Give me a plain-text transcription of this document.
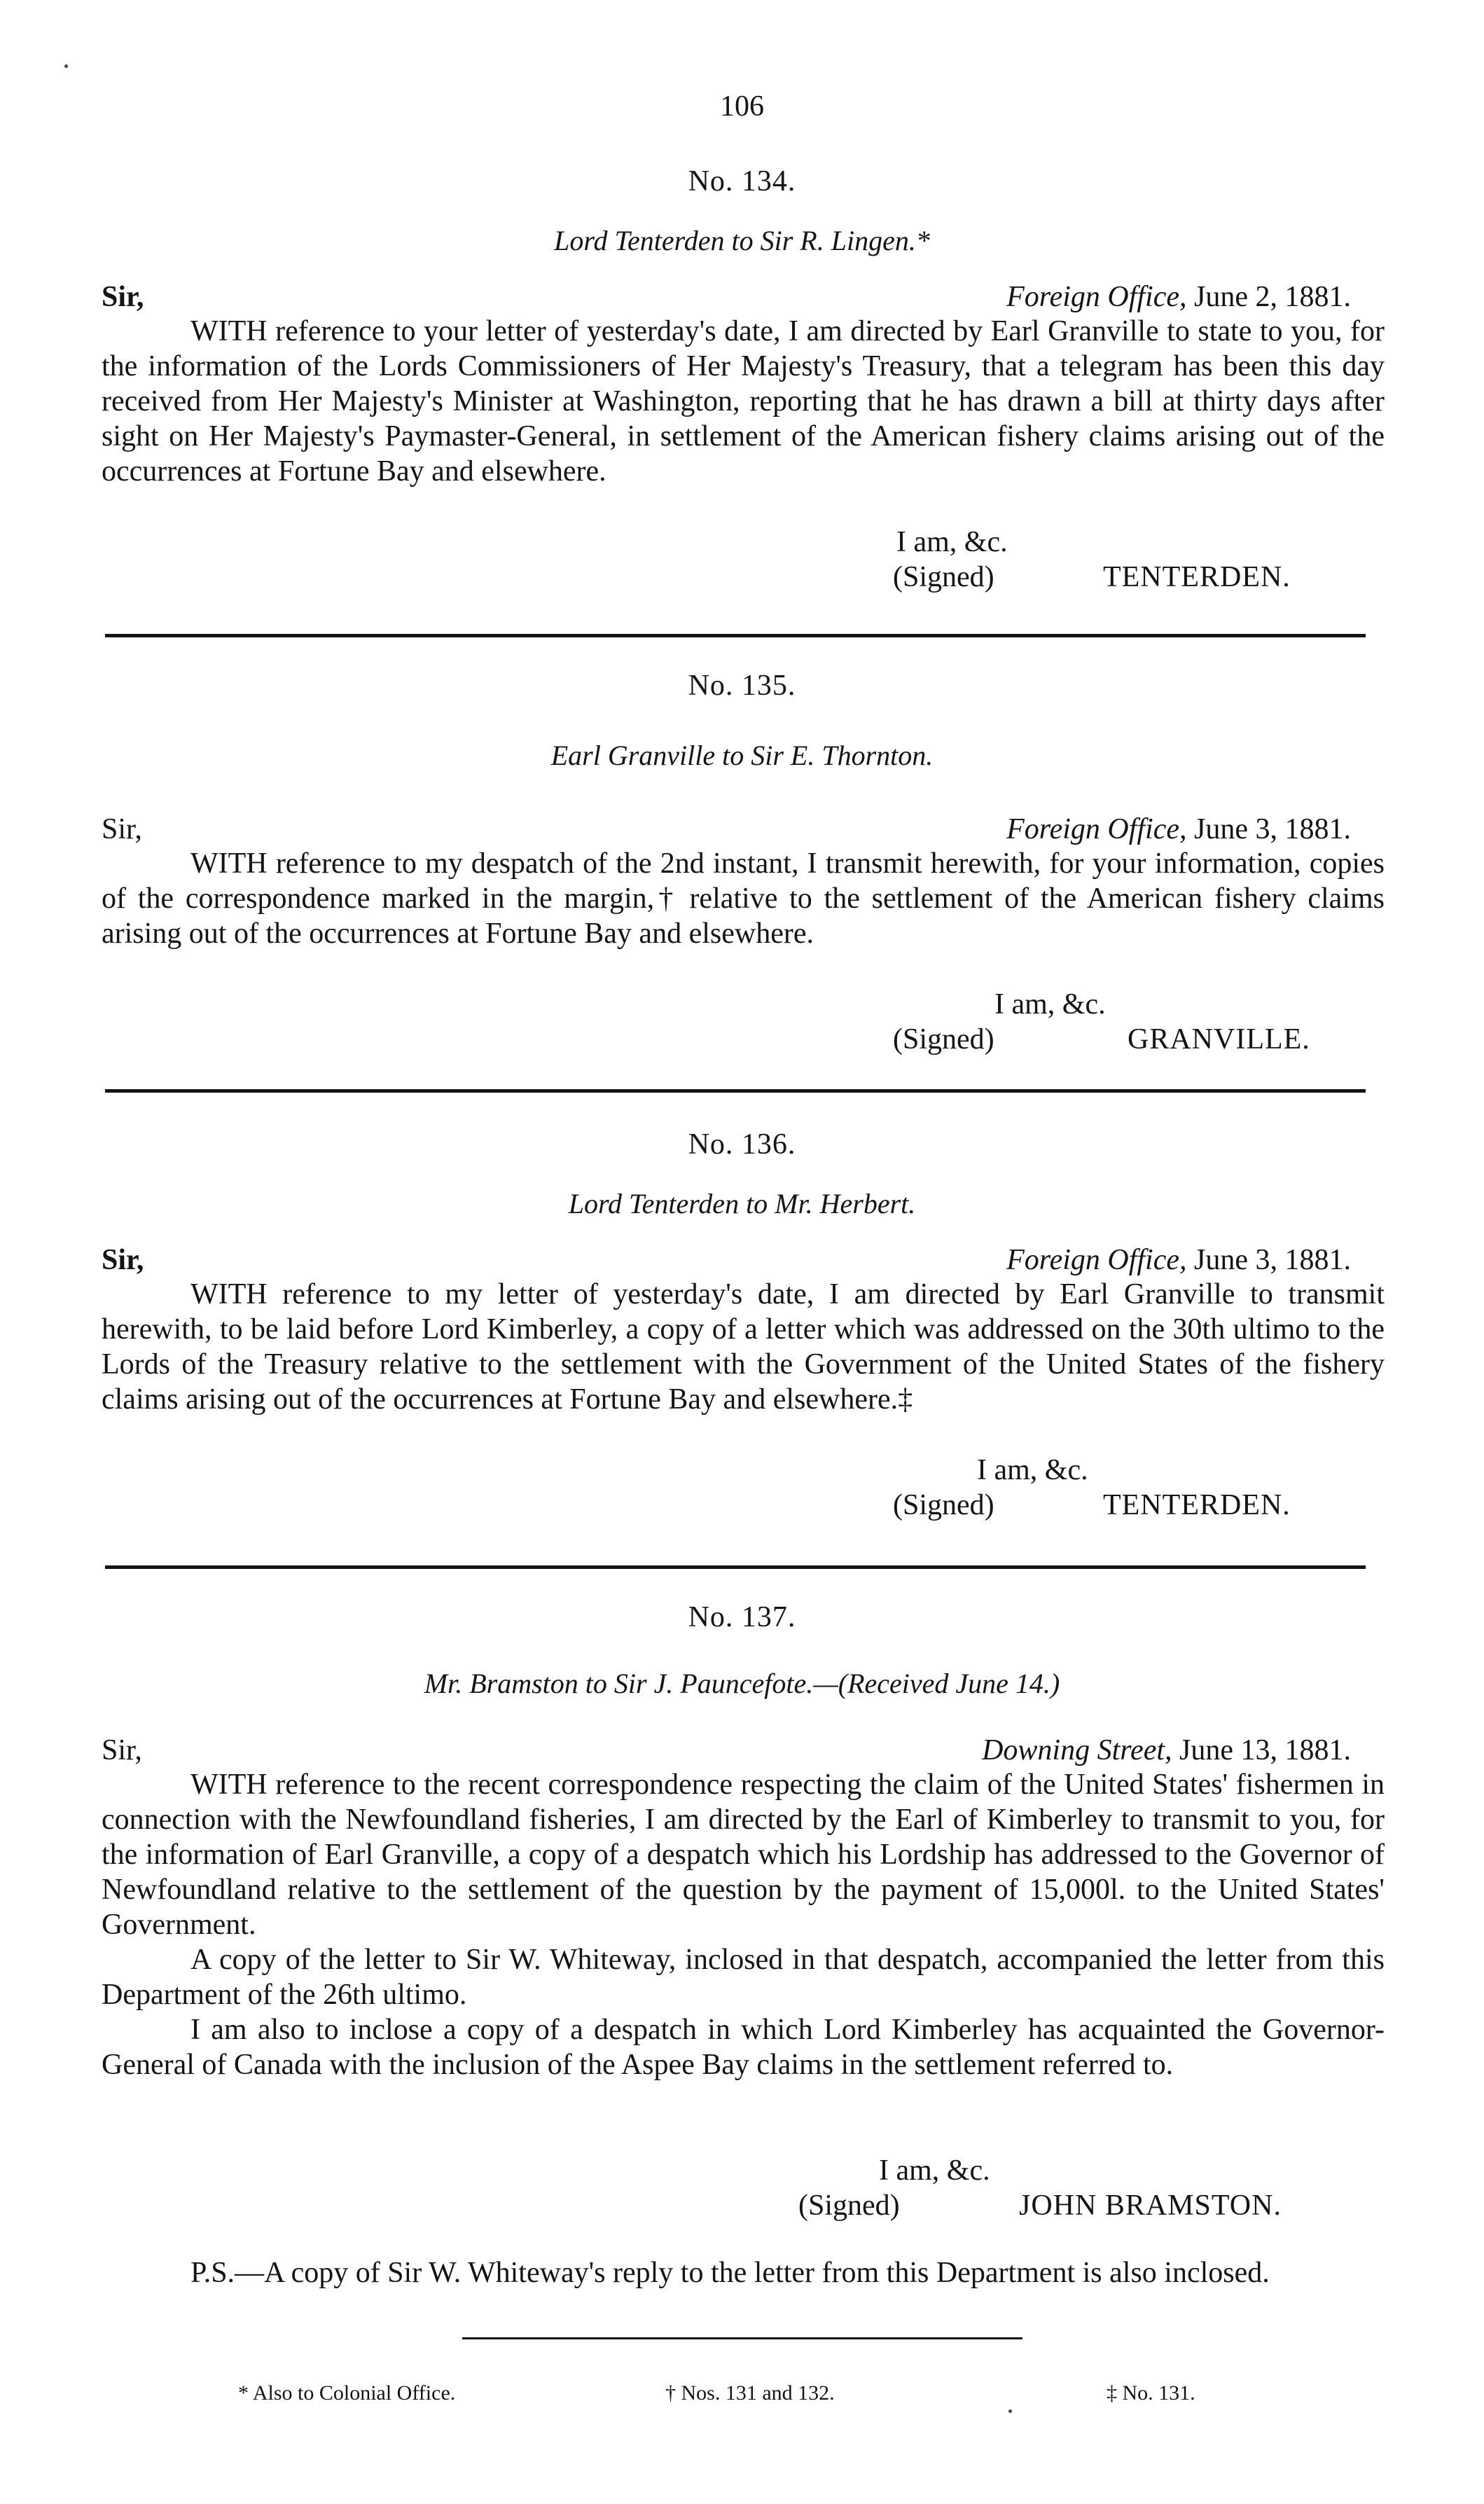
106
No. 134.
Lord Tenterden to Sir R. Lingen.*
Sir,	Foreign Office, June 2, 1881.

WITH reference to your letter of yesterday's date, I am directed by Earl Granville to state to you, for the information of the Lords Commissioners of Her Majesty's Treasury, that a telegram has been this day received from Her Majesty's Minister at Washington, reporting that he has drawn a bill at thirty days after sight on Her Majesty's Paymaster-General, in settlement of the American fishery claims arising out of the occurrences at Fortune Bay and elsewhere.

I am, &c.
(Signed)	TENTERDEN.
No. 135.
Earl Granville to Sir E. Thornton.
Sir,	Foreign Office, June 3, 1881.

WITH reference to my despatch of the 2nd instant, I transmit herewith, for your information, copies of the correspondence marked in the margin,† relative to the settlement of the American fishery claims arising out of the occurrences at Fortune Bay and elsewhere.

I am, &c.
(Signed)	GRANVILLE.
No. 136.
Lord Tenterden to Mr. Herbert.
Sir,	Foreign Office, June 3, 1881.

WITH reference to my letter of yesterday's date, I am directed by Earl Granville to transmit herewith, to be laid before Lord Kimberley, a copy of a letter which was addressed on the 30th ultimo to the Lords of the Treasury relative to the settlement with the Government of the United States of the fishery claims arising out of the occurrences at Fortune Bay and elsewhere.‡

I am, &c.
(Signed)	TENTERDEN.
No. 137.
Mr. Bramston to Sir J. Pauncefote.—(Received June 14.)
Sir,	Downing Street, June 13, 1881.

WITH reference to the recent correspondence respecting the claim of the United States' fishermen in connection with the Newfoundland fisheries, I am directed by the Earl of Kimberley to transmit to you, for the information of Earl Granville, a copy of a despatch which his Lordship has addressed to the Governor of Newfoundland relative to the settlement of the question by the payment of 15,000l. to the United States' Government.

A copy of the letter to Sir W. Whiteway, inclosed in that despatch, accompanied the letter from this Department of the 26th ultimo.

I am also to inclose a copy of a despatch in which Lord Kimberley has acquainted the Governor-General of Canada with the inclusion of the Aspee Bay claims in the settlement referred to.

I am, &c.
(Signed)	JOHN BRAMSTON.

P.S.—A copy of Sir W. Whiteway's reply to the letter from this Department is also inclosed.

* Also to Colonial Office.	† Nos. 131 and 132.	‡ No. 131.
